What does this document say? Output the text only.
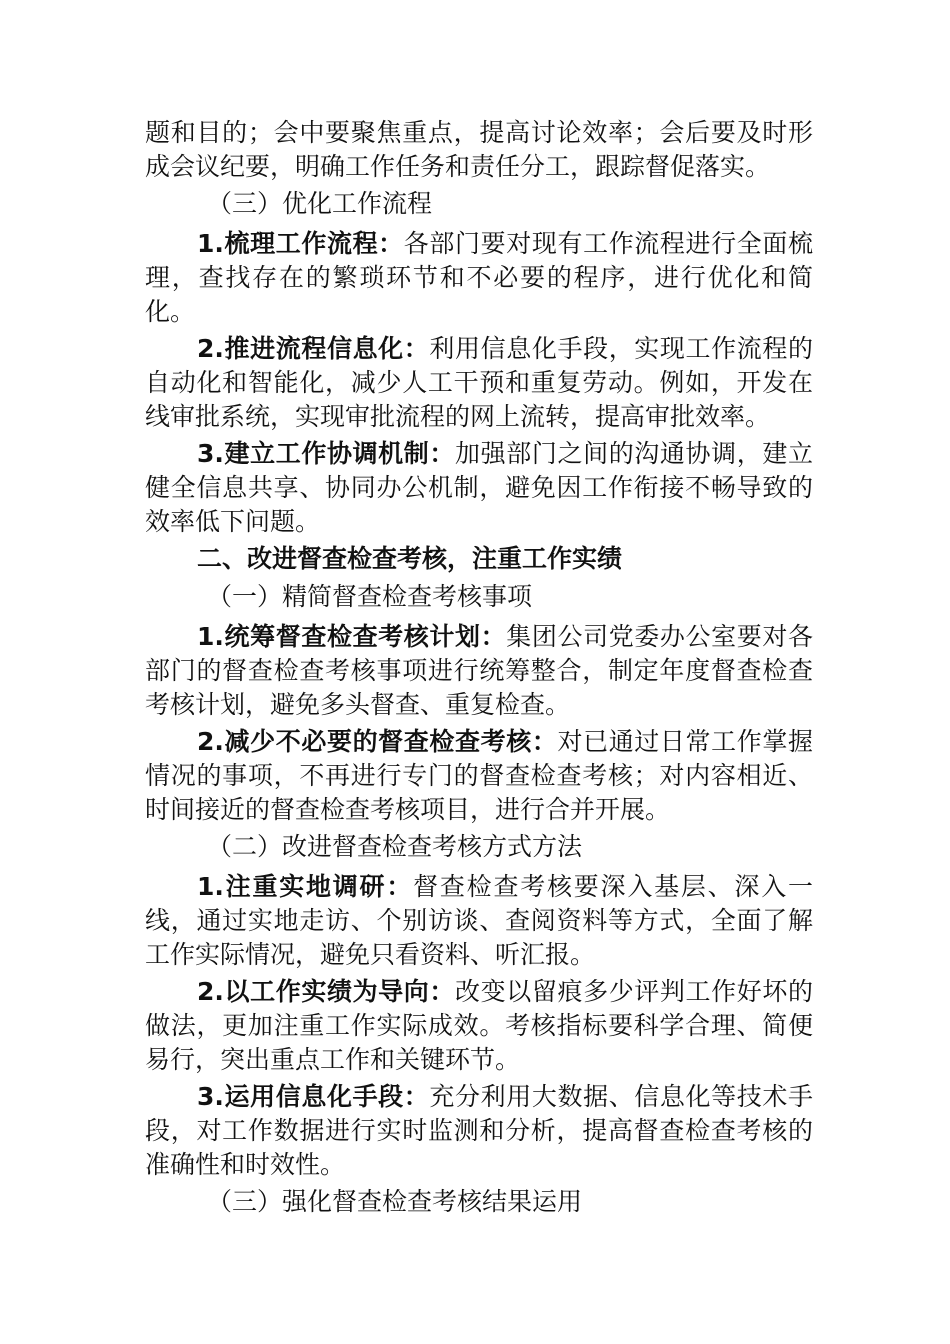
题和目的；会中要聚焦重点，提高讨论效率；会后要及时形成会议纪要，明确工作任务和责任分工，跟踪督促落实。

（三）优化工作流程

1.梳理工作流程：各部门要对现有工作流程进行全面梳理，查找存在的繁琐环节和不必要的程序，进行优化和简化。

2.推进流程信息化：利用信息化手段，实现工作流程的自动化和智能化，减少人工干预和重复劳动。例如，开发在线审批系统，实现审批流程的网上流转，提高审批效率。

3.建立工作协调机制：加强部门之间的沟通协调，建立健全信息共享、协同办公机制，避免因工作衔接不畅导致的效率低下问题。

二、改进督查检查考核，注重工作实绩

（一）精简督查检查考核事项

1.统筹督查检查考核计划：集团公司党委办公室要对各部门的督查检查考核事项进行统筹整合，制定年度督查检查考核计划，避免多头督查、重复检查。

2.减少不必要的督查检查考核：对已通过日常工作掌握情况的事项，不再进行专门的督查检查考核；对内容相近、时间接近的督查检查考核项目，进行合并开展。

（二）改进督查检查考核方式方法

1.注重实地调研：督查检查考核要深入基层、深入一线，通过实地走访、个别访谈、查阅资料等方式，全面了解工作实际情况，避免只看资料、听汇报。

2.以工作实绩为导向：改变以留痕多少评判工作好坏的做法，更加注重工作实际成效。考核指标要科学合理、简便易行，突出重点工作和关键环节。

3.运用信息化手段：充分利用大数据、信息化等技术手段，对工作数据进行实时监测和分析，提高督查检查考核的准确性和时效性。

（三）强化督查检查考核结果运用
